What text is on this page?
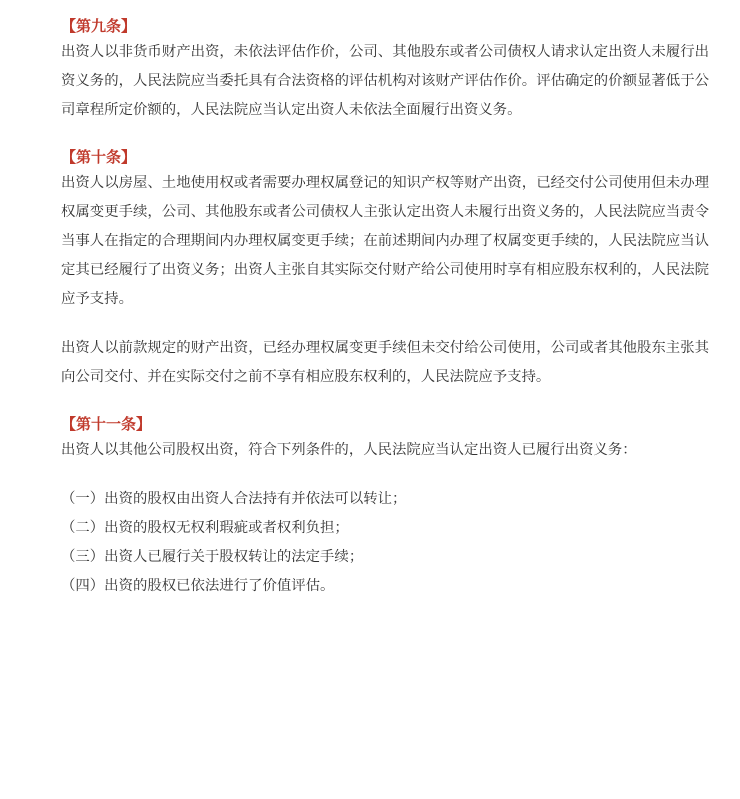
【第九条】

出资人以非货币财产出资，未依法评估作价，公司、其他股东或者公司债权人请求认定出资人未履行出资义务的，人民法院应当委托具有合法资格的评估机构对该财产评估作价。评估确定的价额显著低于公司章程所定价额的，人民法院应当认定出资人未依法全面履行出资义务。

【第十条】

出资人以房屋、土地使用权或者需要办理权属登记的知识产权等财产出资，已经交付公司使用但未办理权属变更手续，公司、其他股东或者公司债权人主张认定出资人未履行出资义务的，人民法院应当责令当事人在指定的合理期间内办理权属变更手续；在前述期间内办理了权属变更手续的，人民法院应当认定其已经履行了出资义务；出资人主张自其实际交付财产给公司使用时享有相应股东权利的，人民法院应予支持。

出资人以前款规定的财产出资，已经办理权属变更手续但未交付给公司使用，公司或者其他股东主张其向公司交付、并在实际交付之前不享有相应股东权利的，人民法院应予支持。

【第十一条】

出资人以其他公司股权出资，符合下列条件的，人民法院应当认定出资人已履行出资义务：

（一）出资的股权由出资人合法持有并依法可以转让；

（二）出资的股权无权利瑕疵或者权利负担；

（三）出资人已履行关于股权转让的法定手续；

（四）出资的股权已依法进行了价值评估。
